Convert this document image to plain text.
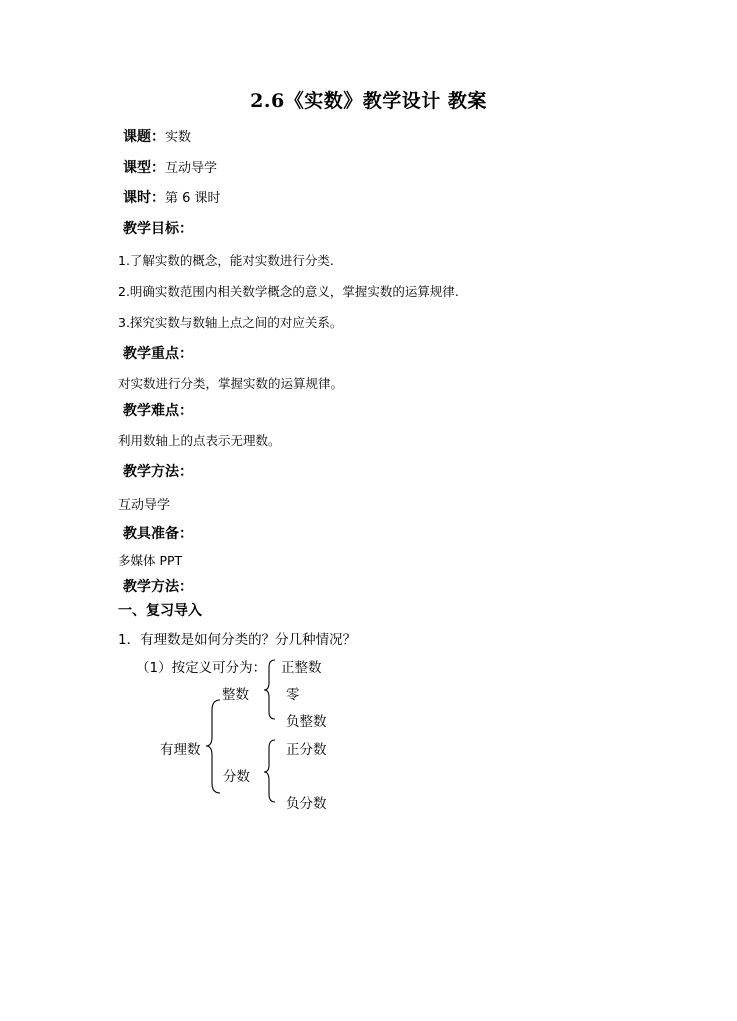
2.6《实数》教学设计 教案
课题：实数
课型：互动导学
课时：第 6 课时
教学目标：
1.了解实数的概念，能对实数进行分类.
2.明确实数范围内相关数学概念的意义，掌握实数的运算规律.
3.探究实数与数轴上点之间的对应关系。
教学重点：
对实数进行分类，掌握实数的运算规律。
教学难点：
利用数轴上的点表示无理数。
教学方法：
互动导学
教具准备：
多媒体 PPT
教学方法：
一、复习导入
1．有理数是如何分类的？分几种情况？
（1）按定义可分为：
整数
正整数
零
负整数
有理数
分数
正分数
负分数
